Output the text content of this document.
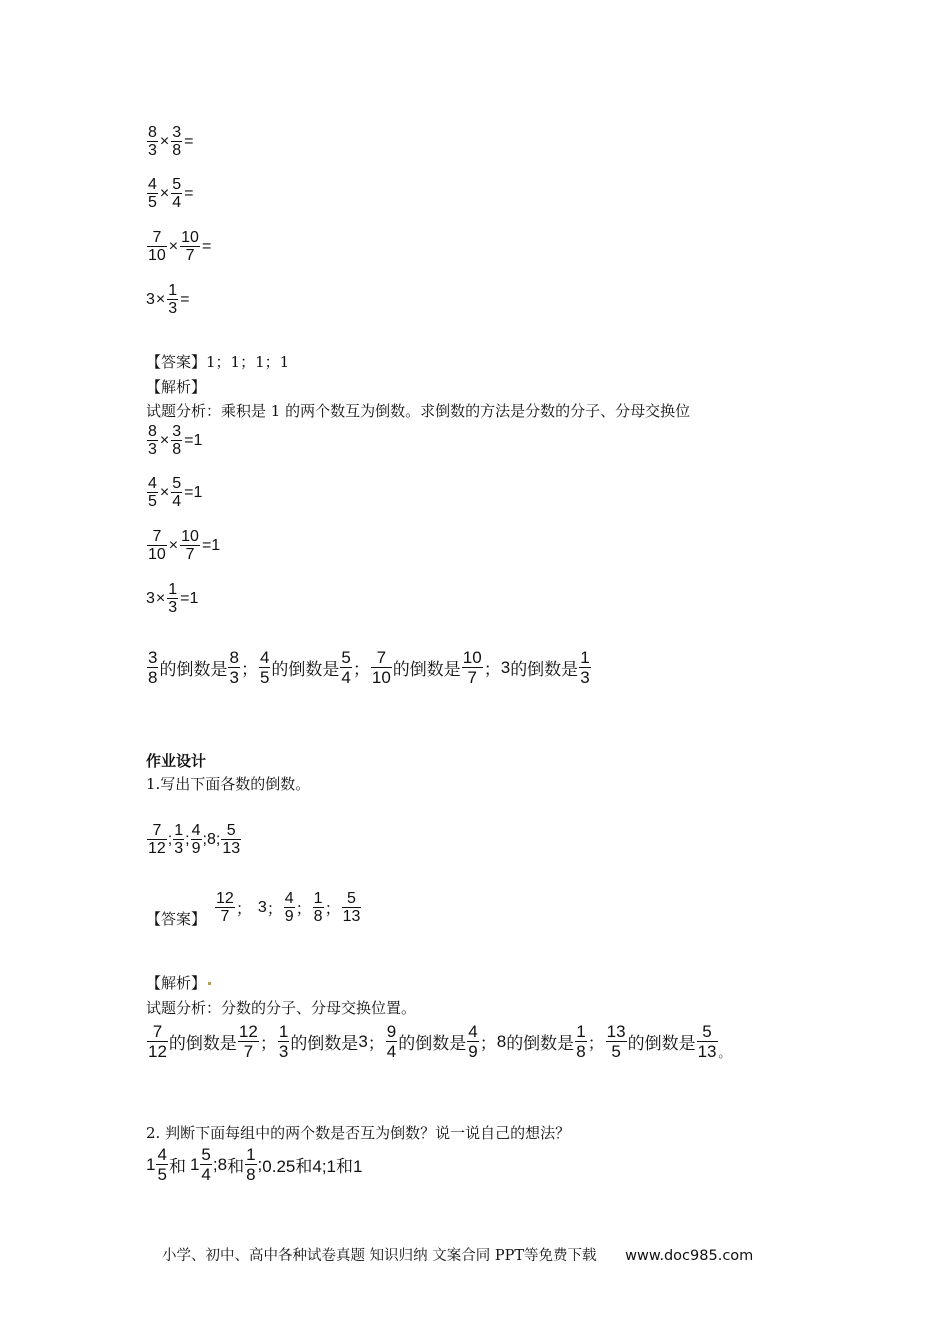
$\frac{8}{3} \times \frac{3}{8}$ =
$\frac{4}{5} \times \frac{5}{4}$ =
$\frac{7}{10} \times \frac{10}{7}$ =
$3 \times \frac{1}{3}$ =
【答案】 1；1；1；1
【解析】
试题分析：乘积是 1 的两个数互为倒数。求倒数的方法是分数的分子、分母交换位
$\frac{8}{3} \times \frac{3}{8} =1$
$\frac{4}{5} \times \frac{5}{4} =1$
$\frac{7}{10} \times \frac{10}{7} =1$
$3 \times \frac{1}{3} =1$
$\frac{3}{8}$ 的倒数是 $\frac{8}{3}$ ； $\frac{4}{5}$ 的倒数是 $\frac{5}{4}$ ； $\frac{7}{10}$ 的倒数是 $\frac{10}{7}$ ； 3 的倒数是 $\frac{1}{3}$
作业设计
1.写出下面各数的倒数。
$\frac{7}{12}$ ; $\frac{1}{3}$ ; $\frac{4}{9}$ ; 8; $\frac{5}{13}$
【答案】 $\frac{12}{7}$ ； 3 ； $\frac{4}{9}$ ； $\frac{1}{8}$ ； $\frac{5}{13}$
【解析】
试题分析：分数的分子、分母交换位置。
$\frac{7}{12}$ 的倒数是 $\frac{12}{7}$ ； $\frac{1}{3}$ 的倒数是 3 ； $\frac{9}{4}$ 的倒数是 $\frac{4}{9}$ ； 8 的倒数是 $\frac{1}{8}$ ； $\frac{13}{5}$ 的倒数是 $\frac{5}{13}$ 。
2. 判断下面每组中的两个数是否互为倒数？说一说自己的想法？
$1 \frac{4}{5}$ 和 $1 \frac{5}{4}$ ; 8 和 $\frac{1}{8}$ ; 0.25和4; 1和1
小学、初中、高中各种试卷真题 知识归纳 文案合同 PPT等免费下载 www.doc985.com
